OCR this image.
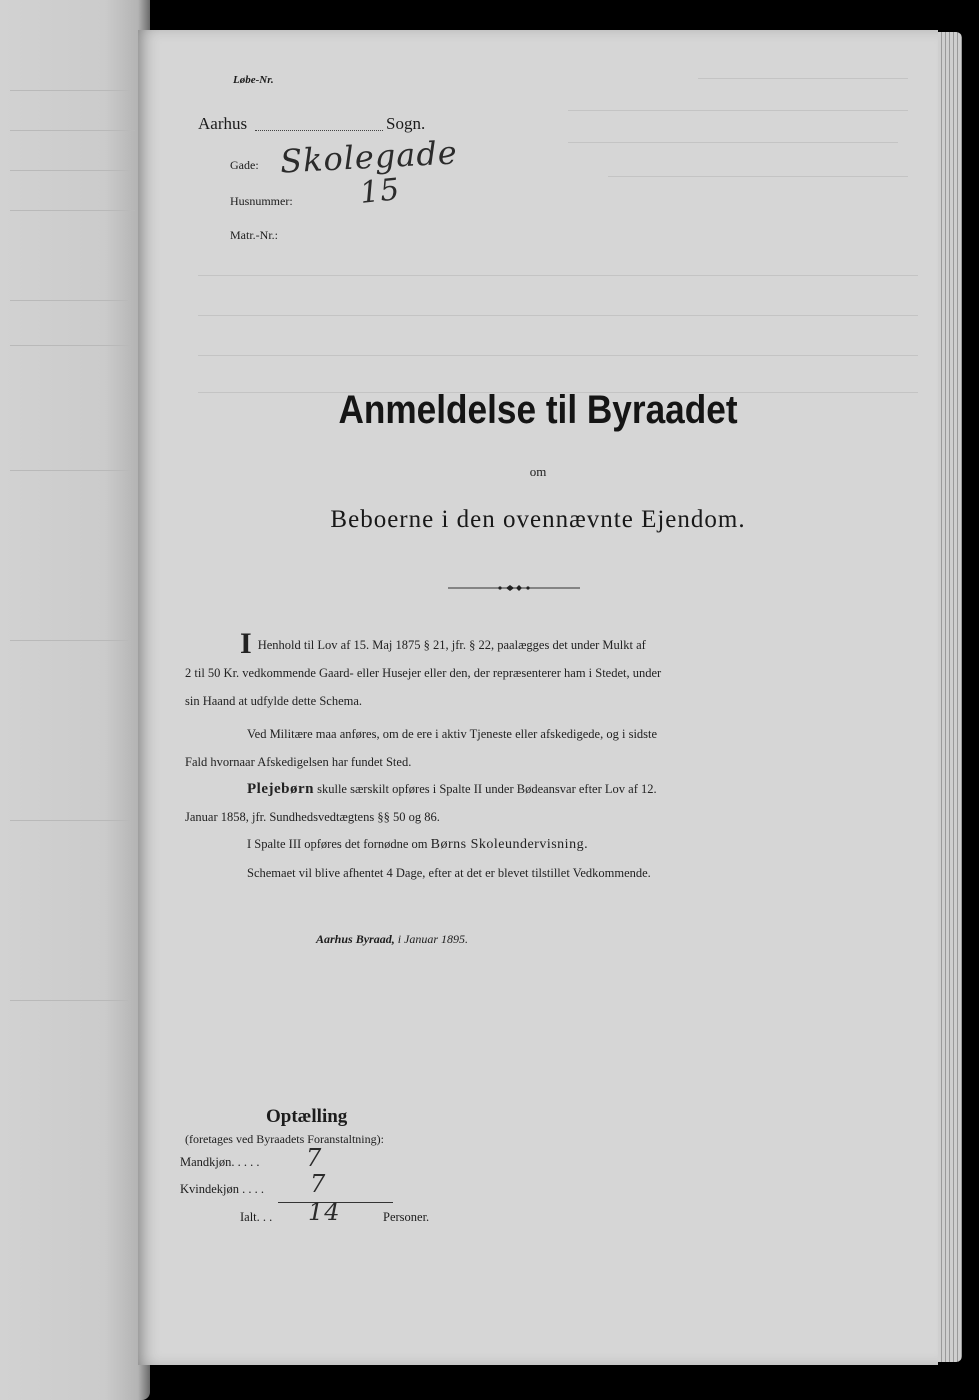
Løbe-Nr.
Aarhus	Sogn.
Gade: Skolegade
Husnummer: 15
Matr.-Nr.:
Anmeldelse til Byraadet
om
Beboerne i den ovennævnte Ejendom.
I Henhold til Lov af 15. Maj 1875 § 21, jfr. § 22, paalægges det under Mulkt af
2 til 50 Kr. vedkommende Gaard- eller Husejer eller den, der repræsenterer ham i Stedet, under
sin Haand at udfylde dette Schema.
Ved Militære maa anføres, om de ere i aktiv Tjeneste eller afskedigede, og i sidste
Fald hvornaar Afskedigelsen har fundet Sted.
Plejebørn skulle særskilt opføres i Spalte II under Bødeansvar efter Lov af 12.
Januar 1858, jfr. Sundhedsvedtægtens §§ 50 og 86.
I Spalte III opføres det fornødne om Børns Skoleundervisning.
Schemaet vil blive afhentet 4 Dage, efter at det er blevet tilstillet Vedkommende.
Aarhus Byraad, i Januar 1895.
Optælling
(foretages ved Byraadets Foranstaltning):
Mandkjøn. . . . . 7
Kvindekjøn . . . . 7
Ialt. . . 14	Personer.
